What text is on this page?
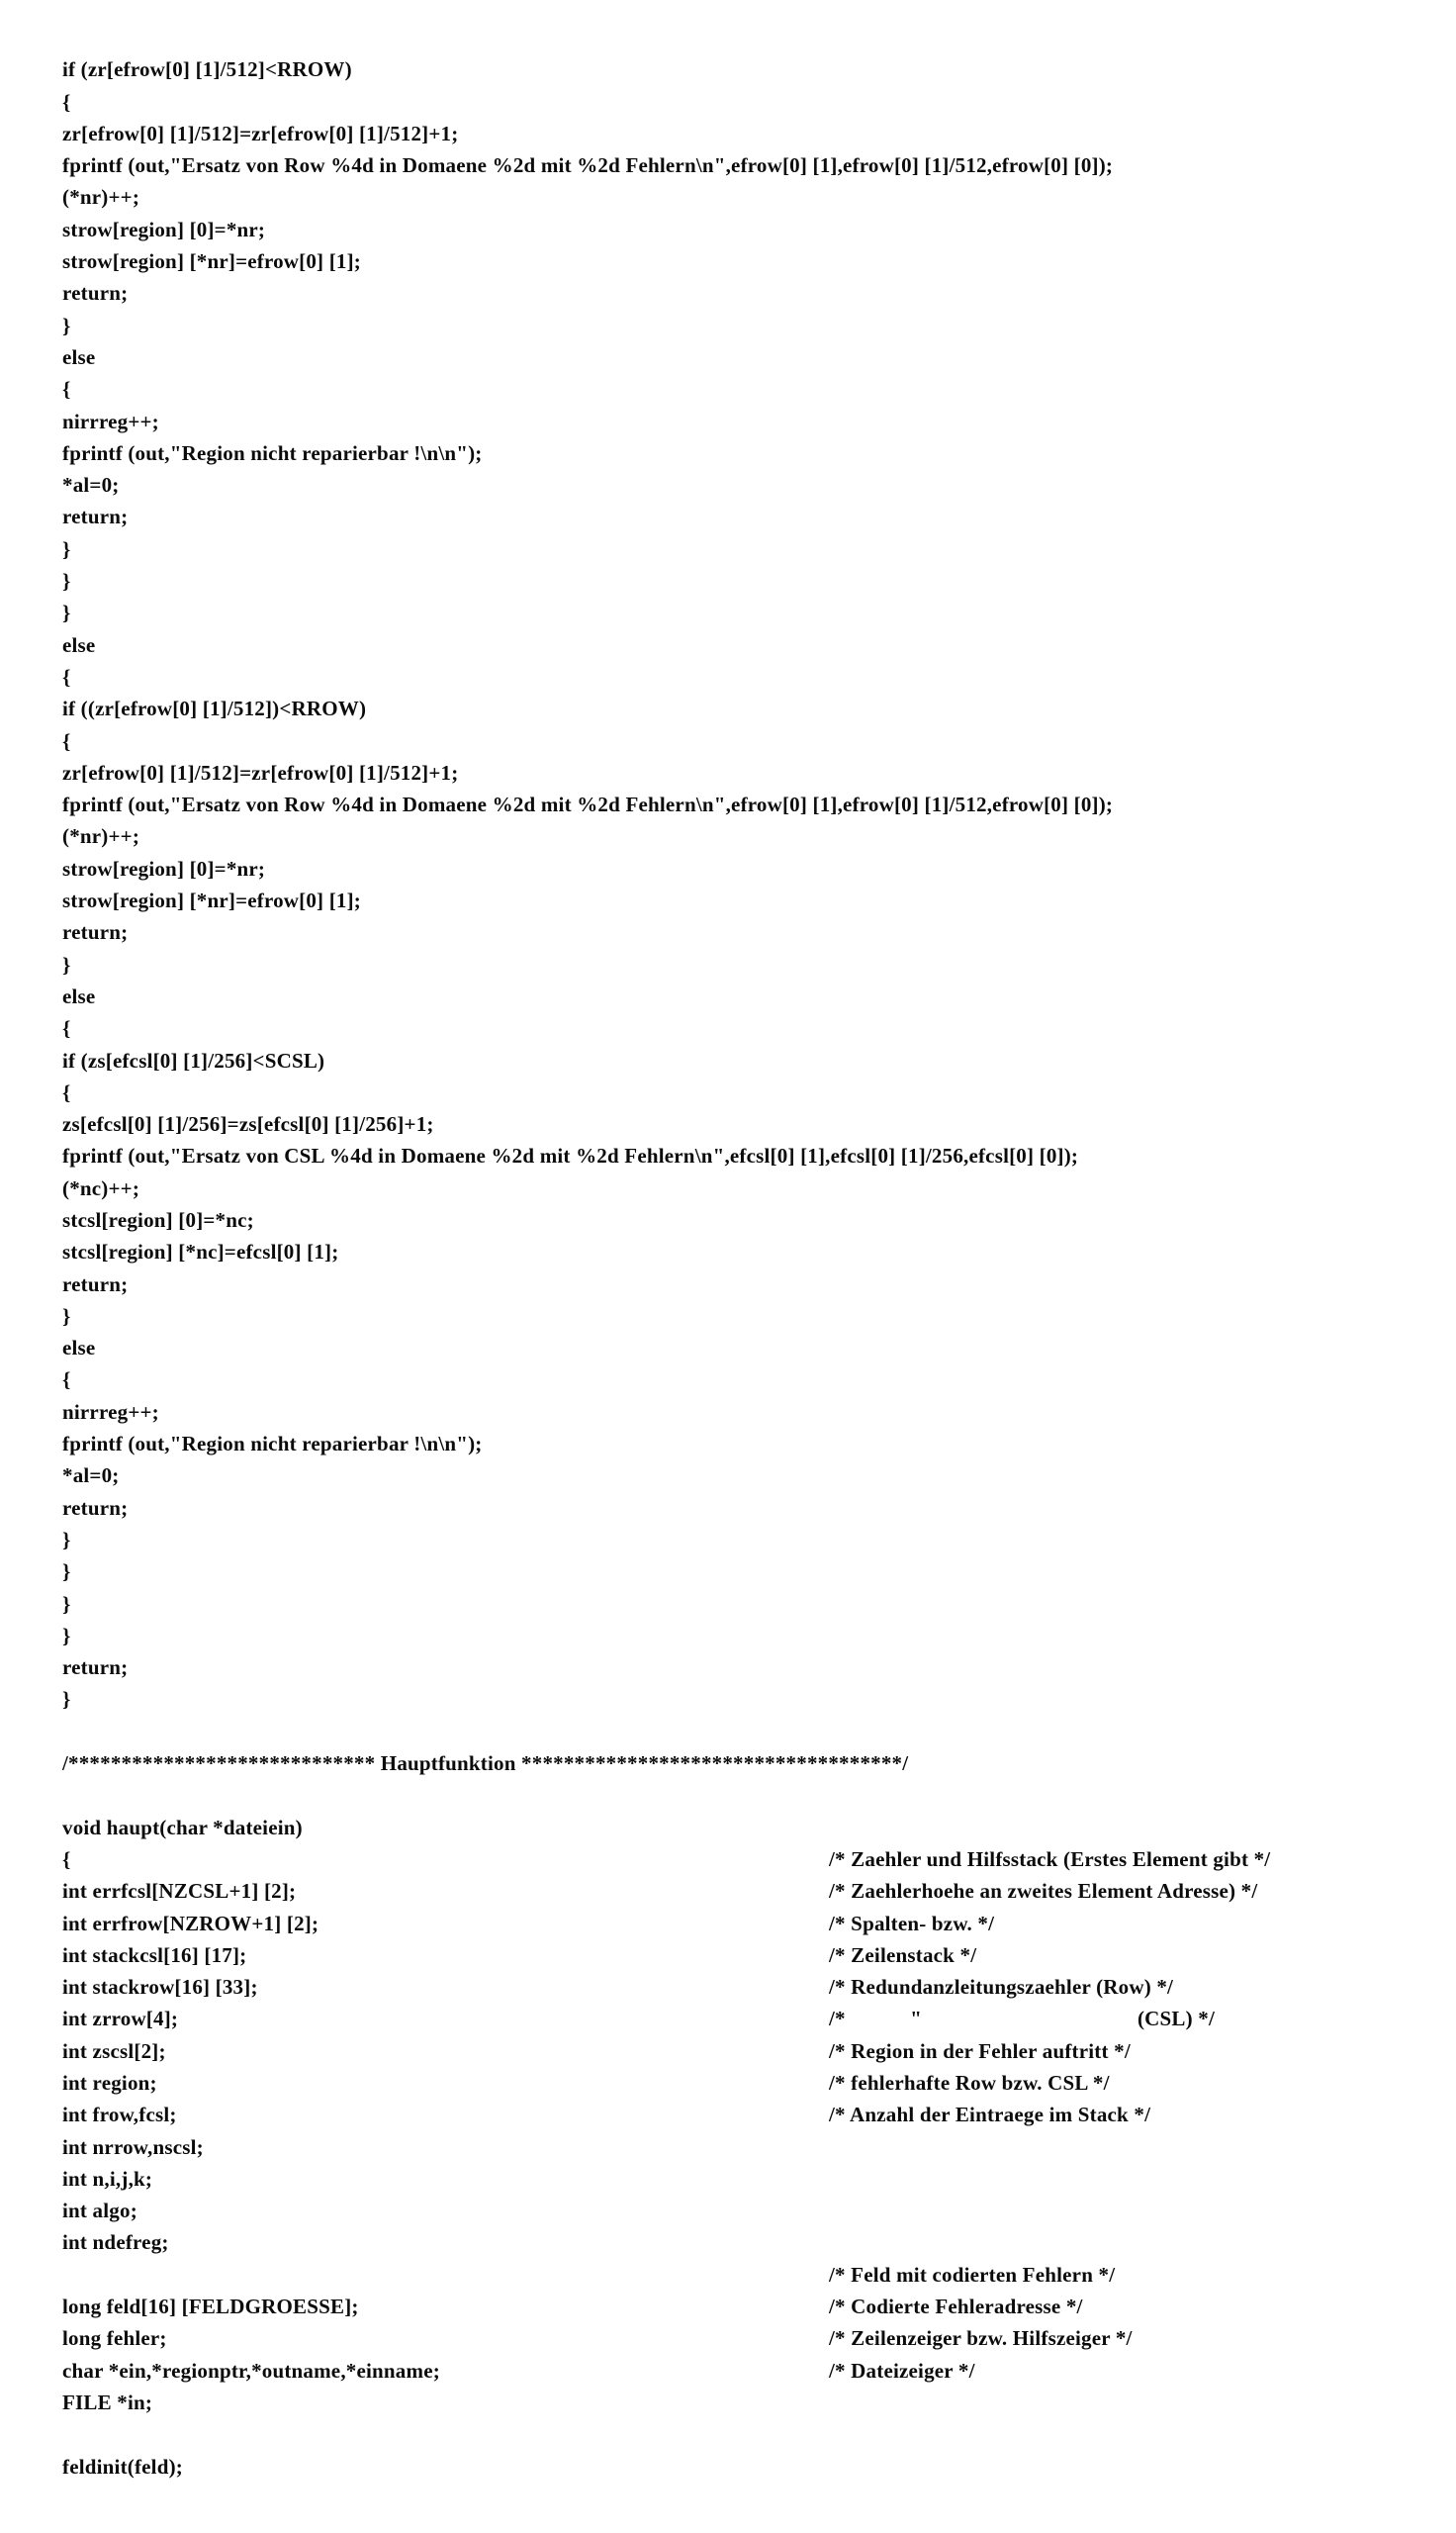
if (zr[efrow[0] [1]/512]<RROW)

{

zr[efrow[0] [1]/512]=zr[efrow[0] [1]/512]+1;

fprintf (out,"Ersatz von Row %4d in Domaene %2d mit %2d Fehlern\n",efrow[0] [1],efrow[0] [1]/512,efrow[0] [0]);

(*nr)++;

strow[region] [0]=*nr;

strow[region] [*nr]=efrow[0] [1];

return;

}

else

{

nirrreg++;

fprintf (out,"Region nicht reparierbar !\n\n");

*al=0;

return;

}

}

}

else

{

if ((zr[efrow[0] [1]/512])<RROW)

{

zr[efrow[0] [1]/512]=zr[efrow[0] [1]/512]+1;

fprintf (out,"Ersatz von Row %4d in Domaene %2d mit %2d Fehlern\n",efrow[0] [1],efrow[0] [1]/512,efrow[0] [0]);

(*nr)++;

strow[region] [0]=*nr;

strow[region] [*nr]=efrow[0] [1];

return;

}

else

{

if (zs[efcsl[0] [1]/256]<SCSL)

{

zs[efcsl[0] [1]/256]=zs[efcsl[0] [1]/256]+1;

fprintf (out,"Ersatz von CSL %4d in Domaene %2d mit %2d Fehlern\n",efcsl[0] [1],efcsl[0] [1]/256,efcsl[0] [0]);

(*nc)++;

stcsl[region] [0]=*nc;

stcsl[region] [*nc]=efcsl[0] [1];

return;

}

else

{

nirrreg++;

fprintf (out,"Region nicht reparierbar !\n\n");

*al=0;

return;

}

}

}

}

return;

}

/***************************** Hauptfunktion ************************************/

void haupt(char *dateiein)

{

int errfcsl[NZCSL+1] [2];

/* Zaehler und Hilfsstack (Erstes Element gibt */

int errfrow[NZROW+1] [2];

/* Zaehlerhoehe an zweites Element Adresse) */

int stackcsl[16] [17];

/* Spalten- bzw. */

int stackrow[16] [33];

/* Zeilenstack */

int zrrow[4];

/* Redundanzleitungszaehler (Row) */

int zscsl[2];

/*            "                                        (CSL) */

int region;

/* Region in der Fehler auftritt */

int frow,fcsl;

/* fehlerhafte Row bzw. CSL */

int nrrow,nscsl;

/* Anzahl der Eintraege im Stack */

int n,i,j,k;

int algo;

int ndefreg;

long feld[16] [FELDGROESSE];

/* Feld mit codierten Fehlern */

long fehler;

/* Codierte Fehleradresse */

char *ein,*regionptr,*outname,*einname;

/* Zeilenzeiger bzw. Hilfszeiger */

FILE *in;

/* Dateizeiger */

feldinit(feld);
